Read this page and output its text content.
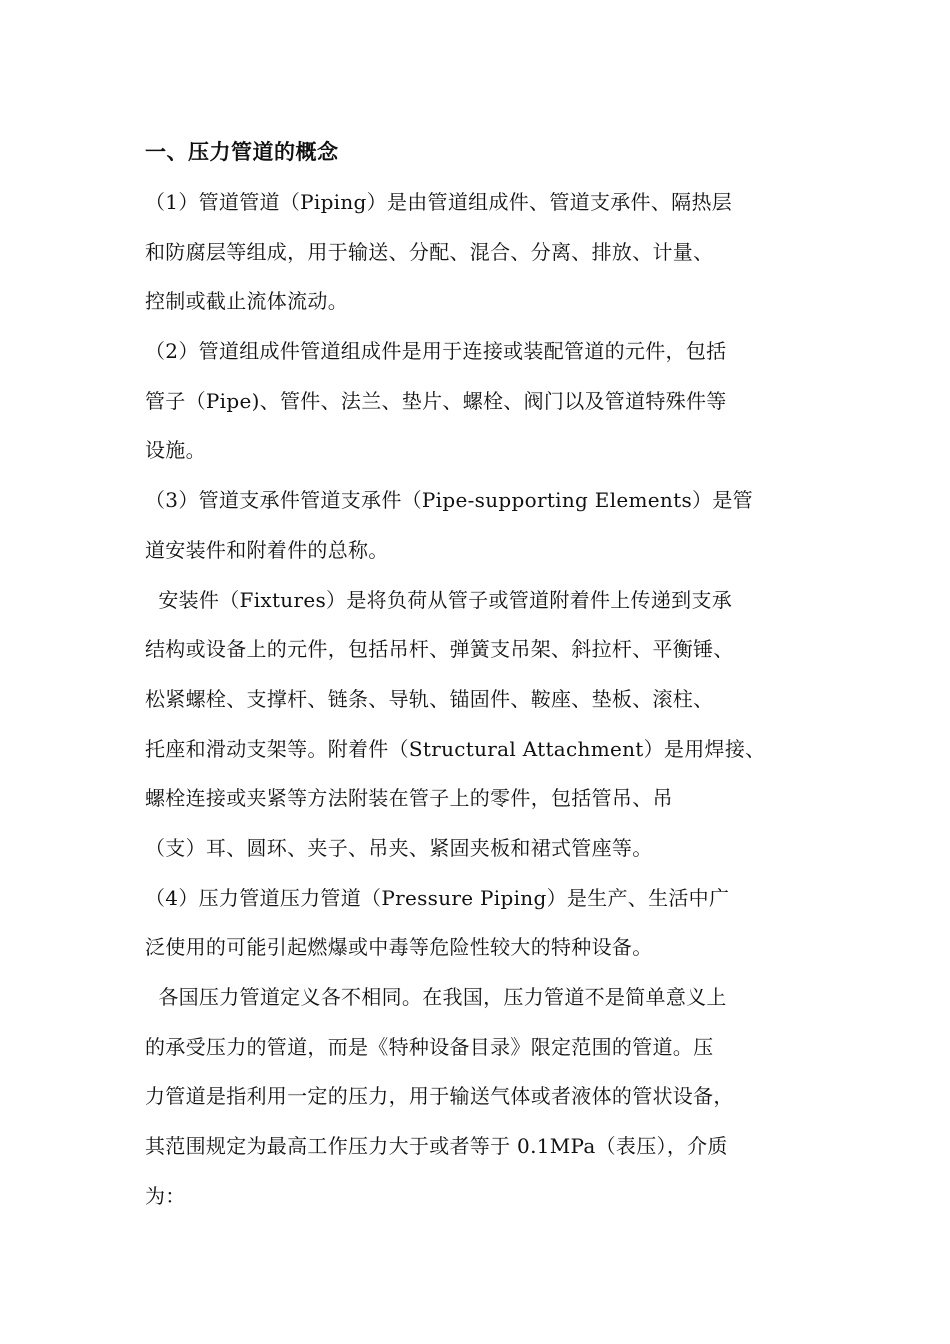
一、压力管道的概念
（1）管道管道（Piping）是由管道组成件、管道支承件、隔热层
和防腐层等组成，用于输送、分配、混合、分离、排放、计量、
控制或截止流体流动。
（2）管道组成件管道组成件是用于连接或装配管道的元件，包括
管子（Pipe)、管件、法兰、垫片、螺栓、阀门以及管道特殊件等
设施。
（3）管道支承件管道支承件（Pipe-supporting Elements）是管
道安装件和附着件的总称。
安装件（Fixtures）是将负荷从管子或管道附着件上传递到支承
结构或设备上的元件，包括吊杆、弹簧支吊架、斜拉杆、平衡锤、
松紧螺栓、支撑杆、链条、导轨、锚固件、鞍座、垫板、滚柱、
托座和滑动支架等。附着件（Structural Attachment）是用焊接、
螺栓连接或夹紧等方法附装在管子上的零件，包括管吊、吊
（支）耳、圆环、夹子、吊夹、紧固夹板和裙式管座等。
（4）压力管道压力管道（Pressure Piping）是生产、生活中广
泛使用的可能引起燃爆或中毒等危险性较大的特种设备。
各国压力管道定义各不相同。在我国，压力管道不是简单意义上
的承受压力的管道，而是《特种设备目录》限定范围的管道。压
力管道是指利用一定的压力，用于输送气体或者液体的管状设备，
其范围规定为最高工作压力大于或者等于 0.1MPa（表压），介质
为：
